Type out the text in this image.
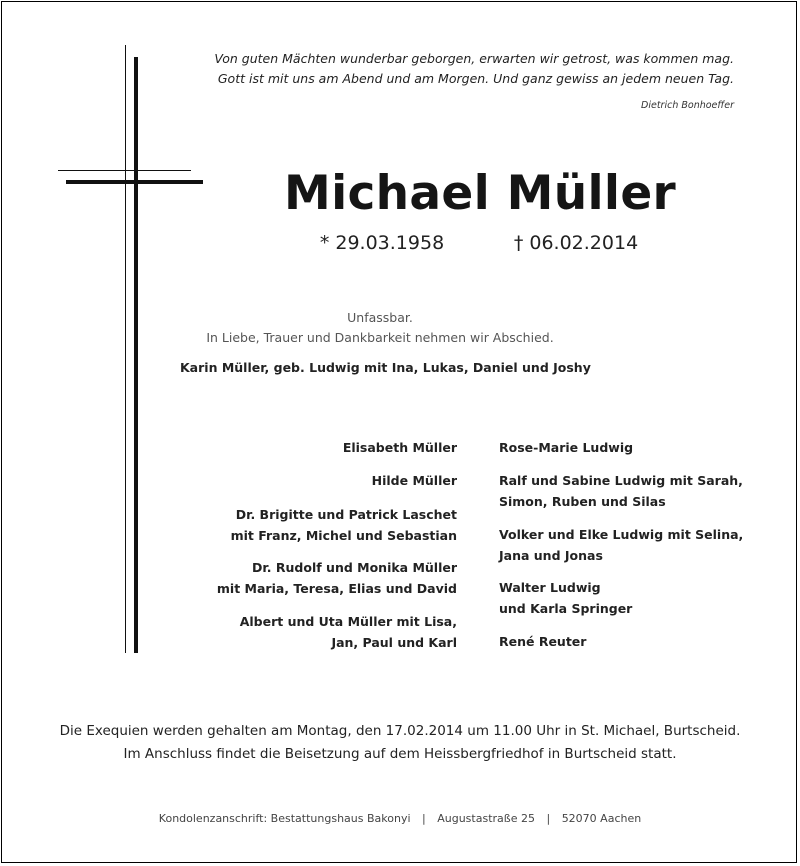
Von guten Mächten wunderbar geborgen, erwarten wir getrost, was kommen mag.
Gott ist mit uns am Abend und am Morgen. Und ganz gewiss an jedem neuen Tag.
Dietrich Bonhoeffer
Michael Müller
* 29.03.1958	† 06.02.2014
Unfassbar.
In Liebe, Trauer und Dankbarkeit nehmen wir Abschied.
Karin Müller, geb. Ludwig mit Ina, Lukas, Daniel und Joshy
Elisabeth Müller
Hilde Müller
Dr. Brigitte und Patrick Laschet
mit Franz, Michel und Sebastian
Dr. Rudolf und Monika Müller
mit Maria, Teresa, Elias und David
Albert und Uta Müller mit Lisa,
Jan, Paul und Karl
Rose-Marie Ludwig
Ralf und Sabine Ludwig mit Sarah,
Simon, Ruben und Silas
Volker und Elke Ludwig mit Selina,
Jana und Jonas
Walter Ludwig
und Karla Springer
René Reuter
Die Exequien werden gehalten am Montag, den 17.02.2014 um 11.00 Uhr in St. Michael, Burtscheid.
Im Anschluss findet die Beisetzung auf dem Heissbergfriedhof in Burtscheid statt.
Kondolenzanschrift: Bestattungshaus Bakonyi | Augustastraße 25 | 52070 Aachen
